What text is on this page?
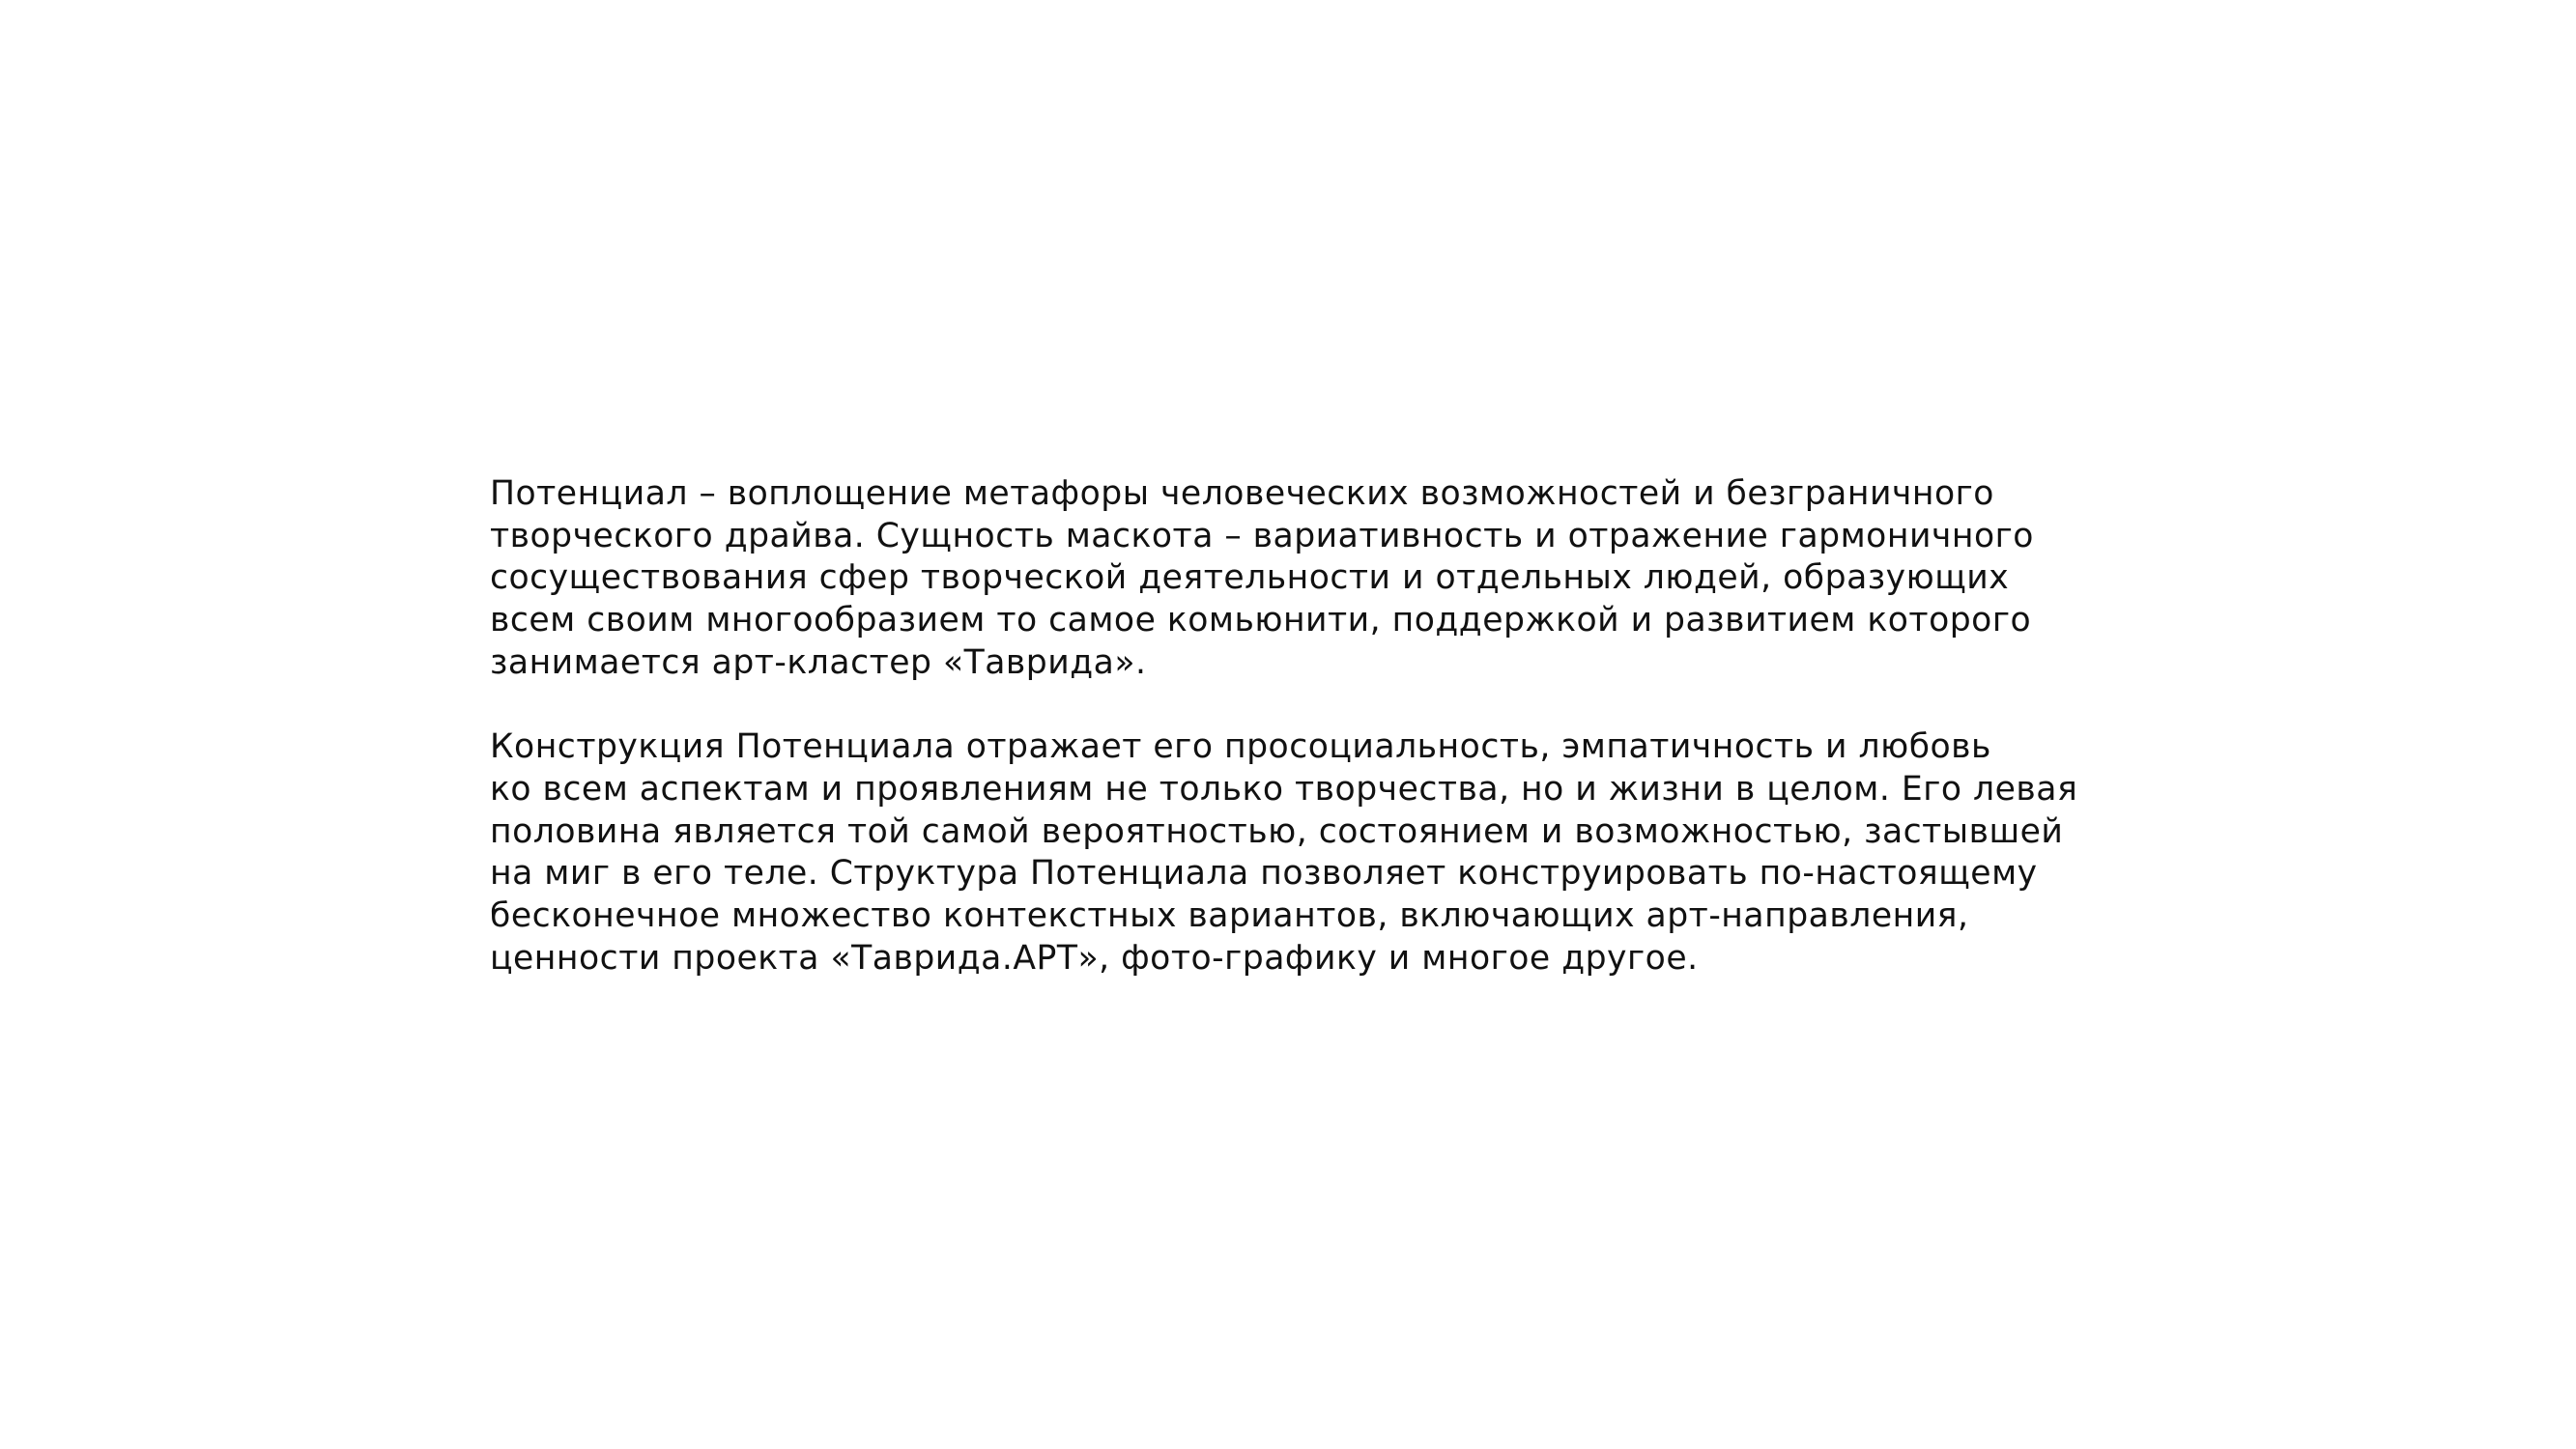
Потенциал – воплощение метафоры человеческих возможностей и безграничного
творческого драйва. Сущность маскота – вариативность и отражение гармоничного
сосуществования сфер творческой деятельности и отдельных людей, образующих
всем своим многообразием то самое комьюнити, поддержкой и развитием которого
занимается арт-кластер «Таврида».

Конструкция Потенциала отражает его просоциальность, эмпатичность и любовь
ко всем аспектам и проявлениям не только творчества, но и жизни в целом. Его левая
половина является той самой вероятностью, состоянием и возможностью, застывшей
на миг в его теле. Структура Потенциала позволяет конструировать по-настоящему
бесконечное множество контекстных вариантов, включающих арт-направления,
ценности проекта «Таврида.АРТ», фото-графику и многое другое.
